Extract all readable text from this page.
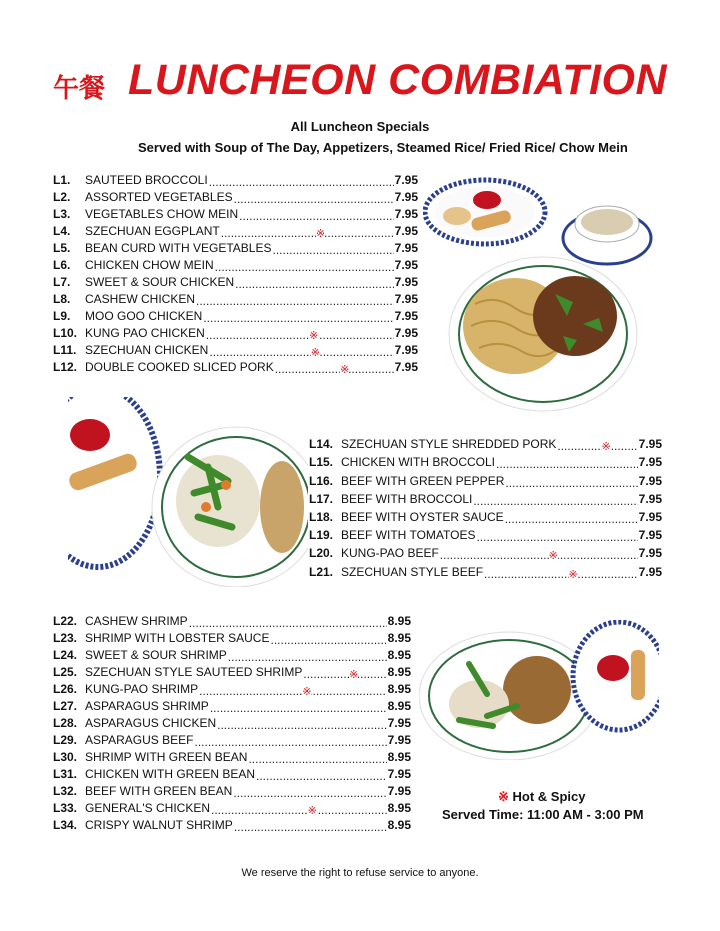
午餐 LUNCHEON COMBIATION
All Luncheon Specials
Served with Soup of The Day, Appetizers, Steamed Rice/ Fried Rice/ Chow Mein
L1.	SAUTEED BROCCOLI .....	7.95
L2.	ASSORTED VEGETABLES .....	7.95
L3.	VEGETABLES CHOW MEIN .....	7.95
L4.	SZECHUAN EGGPLANT	..... ※	7.95
L5.	BEAN CURD WITH VEGETABLES .....	7.95
L6.	CHICKEN CHOW MEIN .....	7.95
L7.	SWEET & SOUR CHICKEN .....	7.95
L8.	CASHEW CHICKEN .....	7.95
L9.	MOO GOO CHICKEN .....	7.95
L10. KUNG PAO CHICKEN	..... ※	7.95
L11. SZECHUAN CHICKEN	..... ※	7.95
L12. DOUBLE COOKED SLICED PORK	..... ※	7.95
L14. SZECHUAN STYLE SHREDDED PORK	..... ※ 7.95
L15. CHICKEN WITH BROCCOLI .....	7.95
L16. BEEF WITH GREEN PEPPER .....	7.95
L17. BEEF WITH BROCCOLI .....	7.95
L18. BEEF WITH OYSTER SAUCE .....	7.95
L19. BEEF WITH TOMATOES .....	7.95
L20. KUNG-PAO BEEF	..... ※	7.95
L21. SZECHUAN STYLE BEEF	..... ※	7.95
L22. CASHEW SHRIMP .....	8.95
L23. SHRIMP WITH LOBSTER SAUCE .....	8.95
L24. SWEET & SOUR SHRIMP .....	8.95
L25. SZECHUAN STYLE SAUTEED SHRIMP	..... ※ 8.95
L26. KUNG-PAO SHRIMP	..... ※	8.95
L27. ASPARAGUS SHRIMP .....	8.95
L28. ASPARAGUS CHICKEN .....	7.95
L29. ASPARAGUS BEEF .....	7.95
L30. SHRIMP WITH GREEN BEAN .....	8.95
L31. CHICKEN WITH GREEN BEAN .....	7.95
L32. BEEF WITH GREEN BEAN .....	7.95
L33. GENERAL'S CHICKEN	..... ※	8.95
L34. CRISPY WALNUT SHRIMP .....	8.95
※ Hot & Spicy
Served Time: 11:00 AM - 3:00 PM
We reserve the right to refuse service to anyone.
